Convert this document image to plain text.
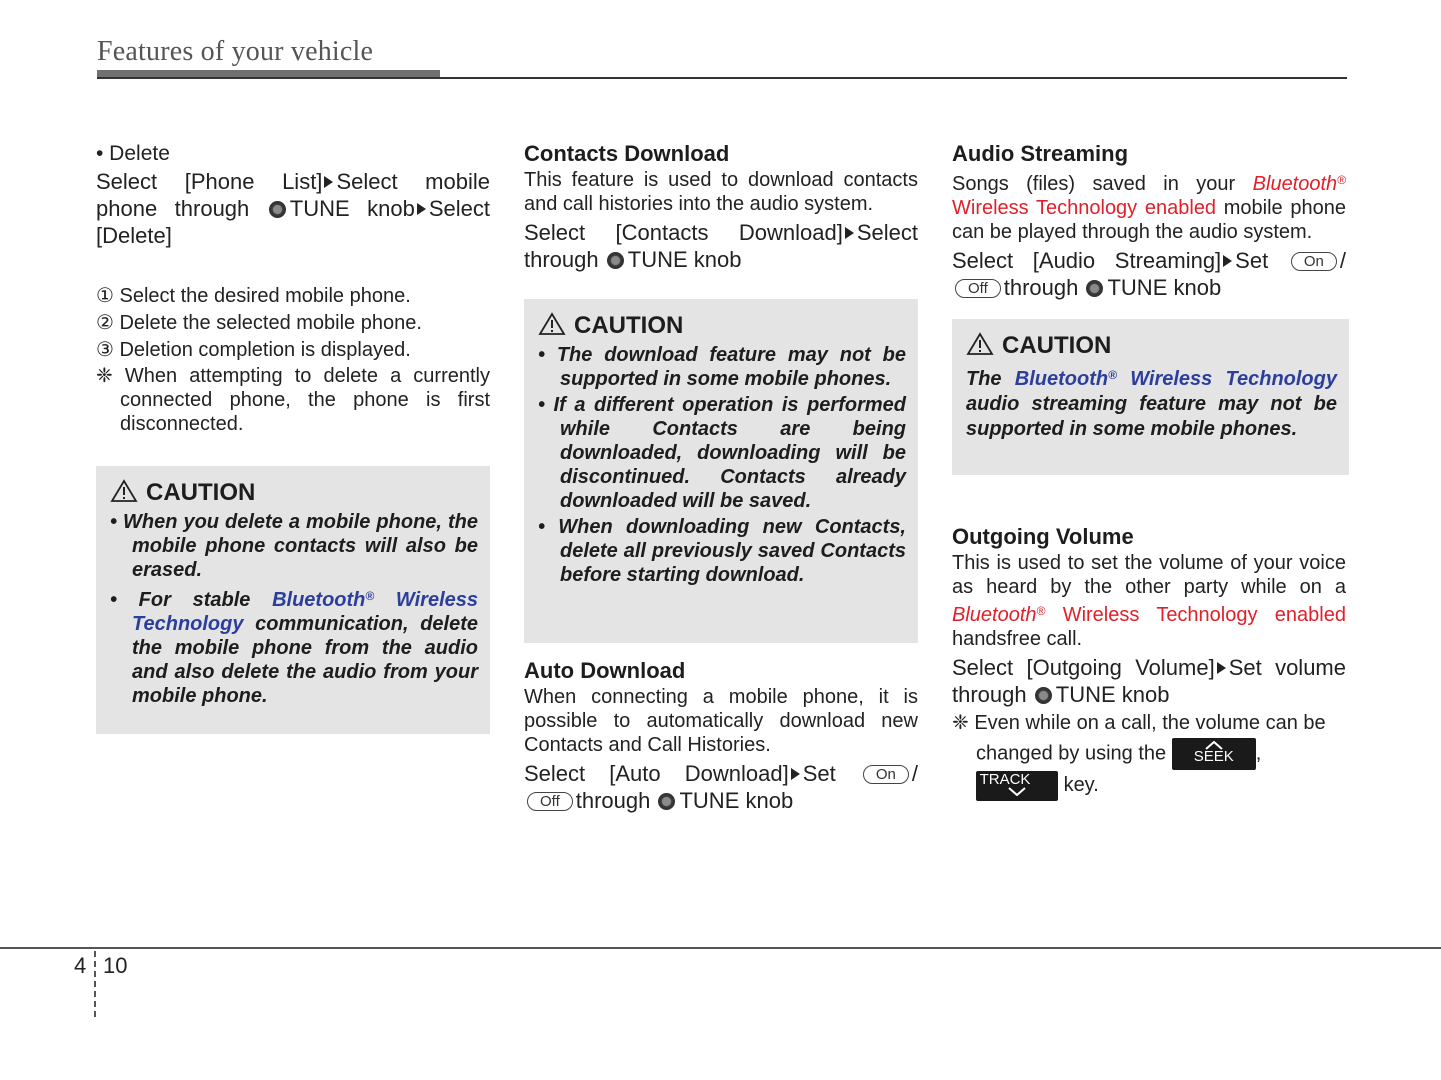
Features of your vehicle

• Delete

Select [Phone List] Select mobile phone through TUNE knob Select [Delete]

① Select the desired mobile phone.
② Delete the selected mobile phone.
③ Deletion completion is displayed.
❈ When attempting to delete a currently connected phone, the phone is first disconnected.
CAUTION
• When you delete a mobile phone, the mobile phone contacts will also be erased.
• For stable Bluetooth® Wireless Technology communication, delete the mobile phone from the audio and also delete the audio from your mobile phone.

Contacts Download

This feature is used to download contacts and call histories into the audio system.

Select [Contacts Download] Select through TUNE knob

CAUTION
• The download feature may not be supported in some mobile phones.
• If a different operation is performed while Contacts are being downloaded, downloading will be discontinued. Contacts already downloaded will be saved.
• When downloading new Contacts, delete all previously saved Contacts before starting download.

Auto Download

When connecting a mobile phone, it is possible to automatically download new Contacts and Call Histories.

Select [Auto Download] Set	On / Off through TUNE knob

Audio Streaming

Songs (files) saved in your Bluetooth® Wireless Technology enabled mobile phone can be played through the audio system.

Select [Audio Streaming] Set On / Off through TUNE knob

CAUTION
The Bluetooth® Wireless Technology audio streaming feature may not be supported in some mobile phones.

Outgoing Volume

This is used to set the volume of your voice as heard by the other party while on a Bluetooth® Wireless Technology enabled handsfree call.

Select [Outgoing Volume] Set volume through TUNE knob

❈ Even while on a call, the volume can be changed by using the SEEK ,
TRACK	key.
4 10
